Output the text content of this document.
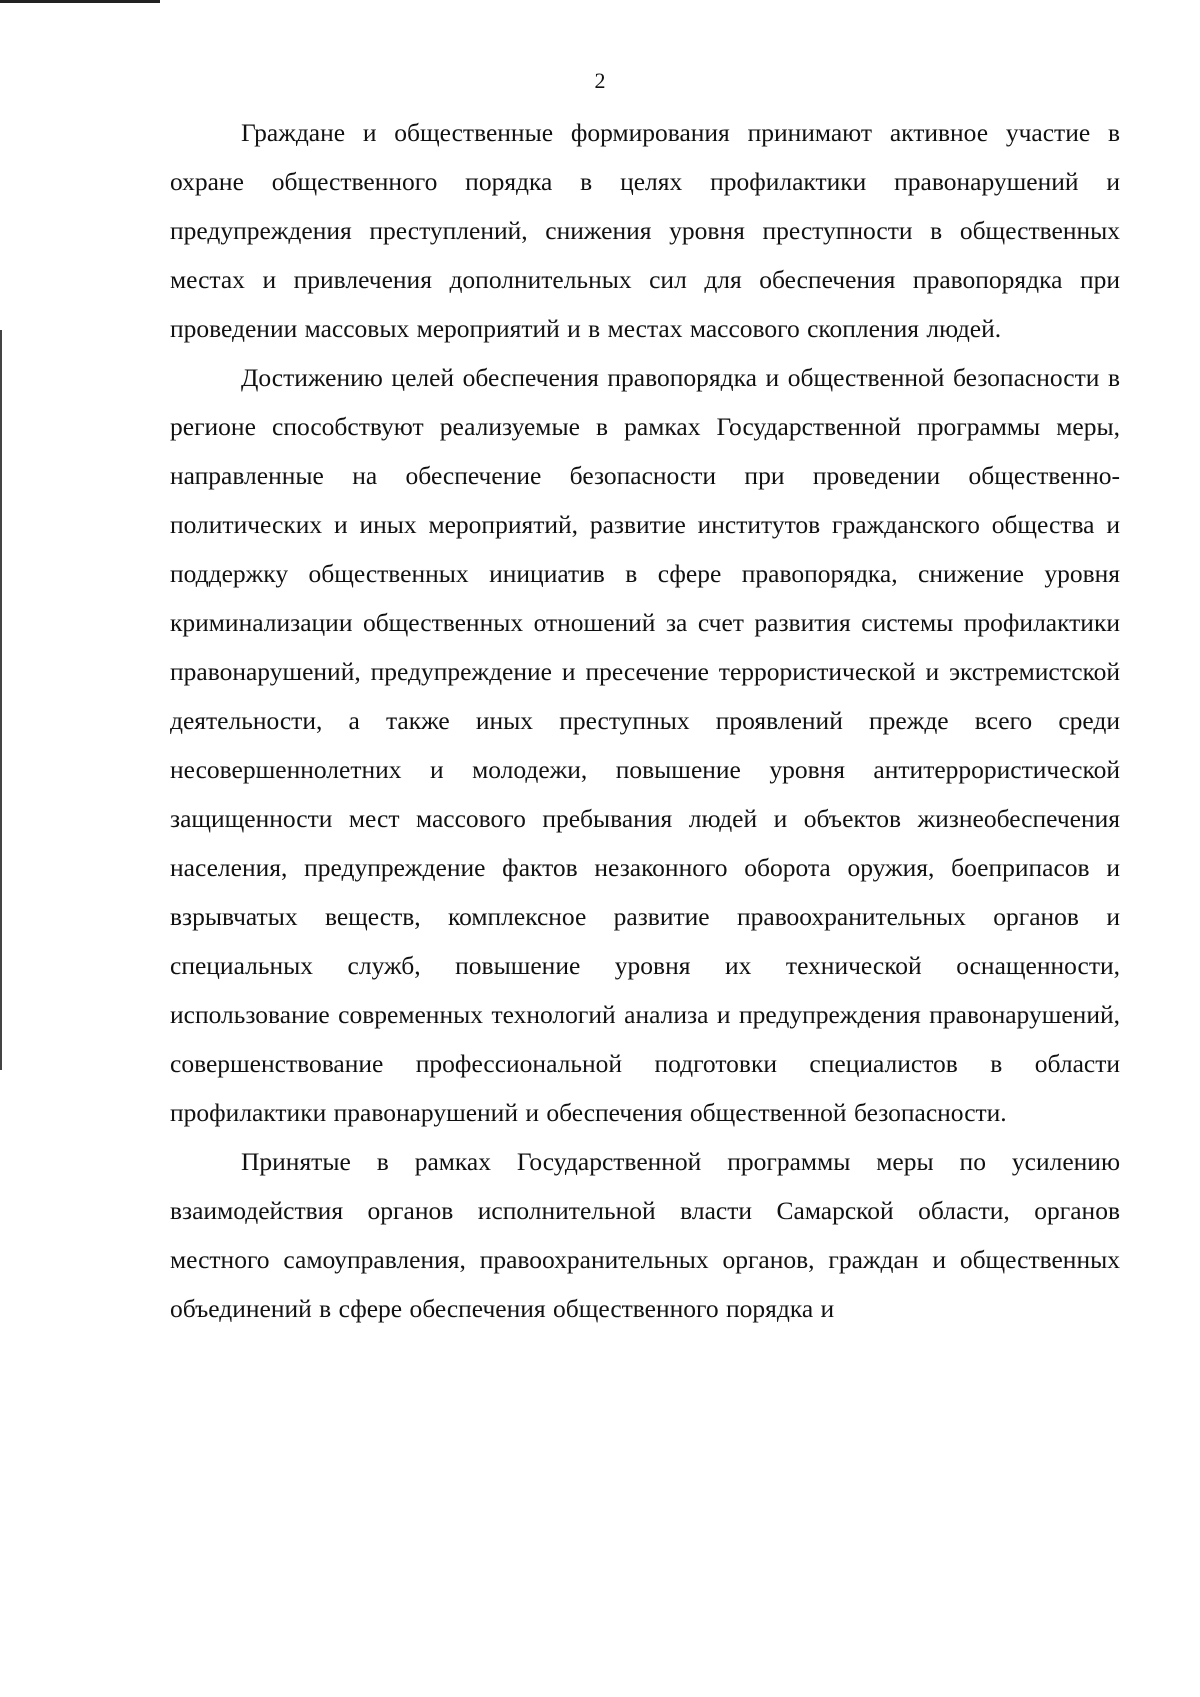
2

Граждане и общественные формирования принимают активное участие в охране общественного порядка в целях профилактики правонарушений и предупреждения преступлений, снижения уровня преступности в общественных местах и привлечения дополнительных сил для обеспечения правопорядка при проведении массовых мероприятий и в местах массового скопления людей.

Достижению целей обеспечения правопорядка и общественной безопасности в регионе способствуют реализуемые в рамках Государственной программы меры, направленные на обеспечение безопасности при проведении общественно-политических и иных мероприятий, развитие институтов гражданского общества и поддержку общественных инициатив в сфере правопорядка, снижение уровня криминализации общественных отношений за счет развития системы профилактики правонарушений, предупреждение и пресечение террористической и экстремистской деятельности, а также иных преступных проявлений прежде всего среди несовершеннолетних и молодежи, повышение уровня антитеррористической защищенности мест массового пребывания людей и объектов жизнеобеспечения населения, предупреждение фактов незаконного оборота оружия, боеприпасов и взрывчатых веществ, комплексное развитие правоохранительных органов и специальных служб, повышение уровня их технической оснащенности, использование современных технологий анализа и предупреждения правонарушений, совершенствование профессиональной подготовки специалистов в области профилактики правонарушений и обеспечения общественной безопасности.

Принятые в рамках Государственной программы меры по усилению взаимодействия органов исполнительной власти Самарской области, органов местного самоуправления, правоохранительных органов, граждан и общественных объединений в сфере обеспечения общественного порядка и
